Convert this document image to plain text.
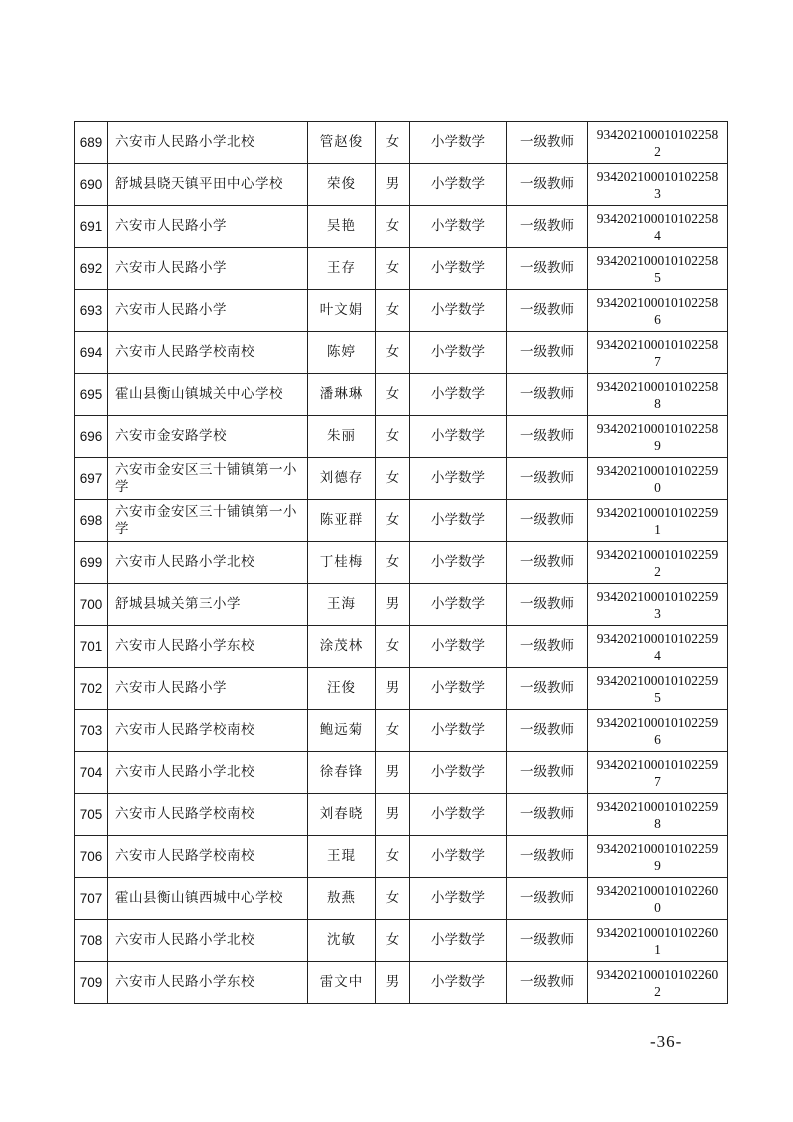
689	六安市人民路小学北校	管赵俊	女	小学数学	一级教师	9342021000101022582
690	舒城县晓天镇平田中心学校	荣俊	男	小学数学	一级教师	9342021000101022583
691	六安市人民路小学	吴艳	女	小学数学	一级教师	9342021000101022584
692	六安市人民路小学	王存	女	小学数学	一级教师	9342021000101022585
693	六安市人民路小学	叶文娟	女	小学数学	一级教师	9342021000101022586
694	六安市人民路学校南校	陈婷	女	小学数学	一级教师	9342021000101022587
695	霍山县衡山镇城关中心学校	潘琳琳	女	小学数学	一级教师	9342021000101022588
696	六安市金安路学校	朱丽	女	小学数学	一级教师	9342021000101022589
697	六安市金安区三十铺镇第一小学	刘德存	女	小学数学	一级教师	9342021000101022590
698	六安市金安区三十铺镇第一小学	陈亚群	女	小学数学	一级教师	9342021000101022591
699	六安市人民路小学北校	丁桂梅	女	小学数学	一级教师	9342021000101022592
700	舒城县城关第三小学	王海	男	小学数学	一级教师	9342021000101022593
701	六安市人民路小学东校	涂茂林	女	小学数学	一级教师	9342021000101022594
702	六安市人民路小学	汪俊	男	小学数学	一级教师	9342021000101022595
703	六安市人民路学校南校	鲍远菊	女	小学数学	一级教师	9342021000101022596
704	六安市人民路小学北校	徐春锋	男	小学数学	一级教师	9342021000101022597
705	六安市人民路学校南校	刘春晓	男	小学数学	一级教师	9342021000101022598
706	六安市人民路学校南校	王琨	女	小学数学	一级教师	9342021000101022599
707	霍山县衡山镇西城中心学校	敖燕	女	小学数学	一级教师	9342021000101022600
708	六安市人民路小学北校	沈敏	女	小学数学	一级教师	9342021000101022601
709	六安市人民路小学东校	雷文中	男	小学数学	一级教师	9342021000101022602
-36-
